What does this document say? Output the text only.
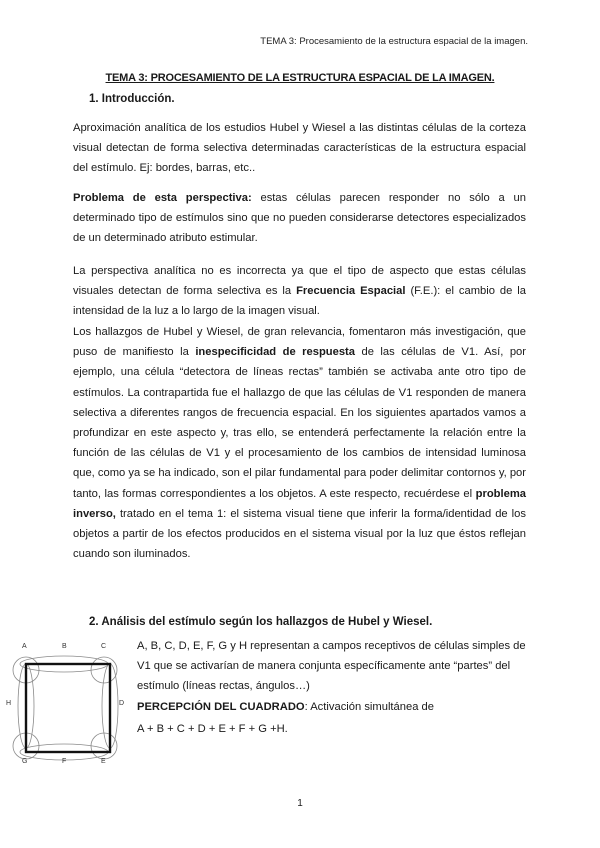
TEMA 3: Procesamiento de la estructura espacial de la imagen.
TEMA 3: PROCESAMIENTO DE LA ESTRUCTURA ESPACIAL DE LA IMAGEN.
1. Introducción.

Aproximación analítica de los estudios Hubel y Wiesel a las distintas células de la corteza visual detectan de forma selectiva determinadas características de la estructura espacial del estímulo. Ej: bordes, barras, etc..

Problema de esta perspectiva: estas células parecen responder no sólo a un determinado tipo de estímulos sino que no pueden considerarse detectores especializados de un determinado atributo estimular.

La perspectiva analítica no es incorrecta ya que el tipo de aspecto que estas células visuales detectan de forma selectiva es la Frecuencia Espacial (F.E.): el cambio de la intensidad de la luz a lo largo de la imagen visual.

Los hallazgos de Hubel y Wiesel, de gran relevancia, fomentaron más investigación, que puso de manifiesto la inespecificidad de respuesta de las células de V1. Así, por ejemplo, una célula “detectora de líneas rectas” también se activaba ante otro tipo de estímulos. La contrapartida fue el hallazgo de que las células de V1 responden de manera selectiva a diferentes rangos de frecuencia espacial. En los siguientes apartados vamos a profundizar en este aspecto y, tras ello, se entenderá perfectamente la relación entre la función de las células de V1 y el procesamiento de los cambios de intensidad luminosa que, como ya se ha indicado, son el pilar fundamental para poder delimitar contornos y, por tanto, las formas correspondientes a los objetos. A este respecto, recuérdese el problema inverso, tratado en el tema 1: el sistema visual tiene que inferir la forma/identidad de los objetos a partir de los efectos producidos en el sistema visual por la luz que éstos reflejan cuando son iluminados.

2. Análisis del estímulo según los hallazgos de Hubel y Wiesel.
A	B	C
D
E
F
G
H

A, B, C, D, E, F, G y H representan a campos receptivos de células simples de V1 que se activarían de manera conjunta específicamente ante “partes” del estímulo (líneas rectas, ángulos…)

PERCEPCIÓN DEL CUADRADO: Activación simultánea de

A + B + C + D + E + F + G +H.

1
